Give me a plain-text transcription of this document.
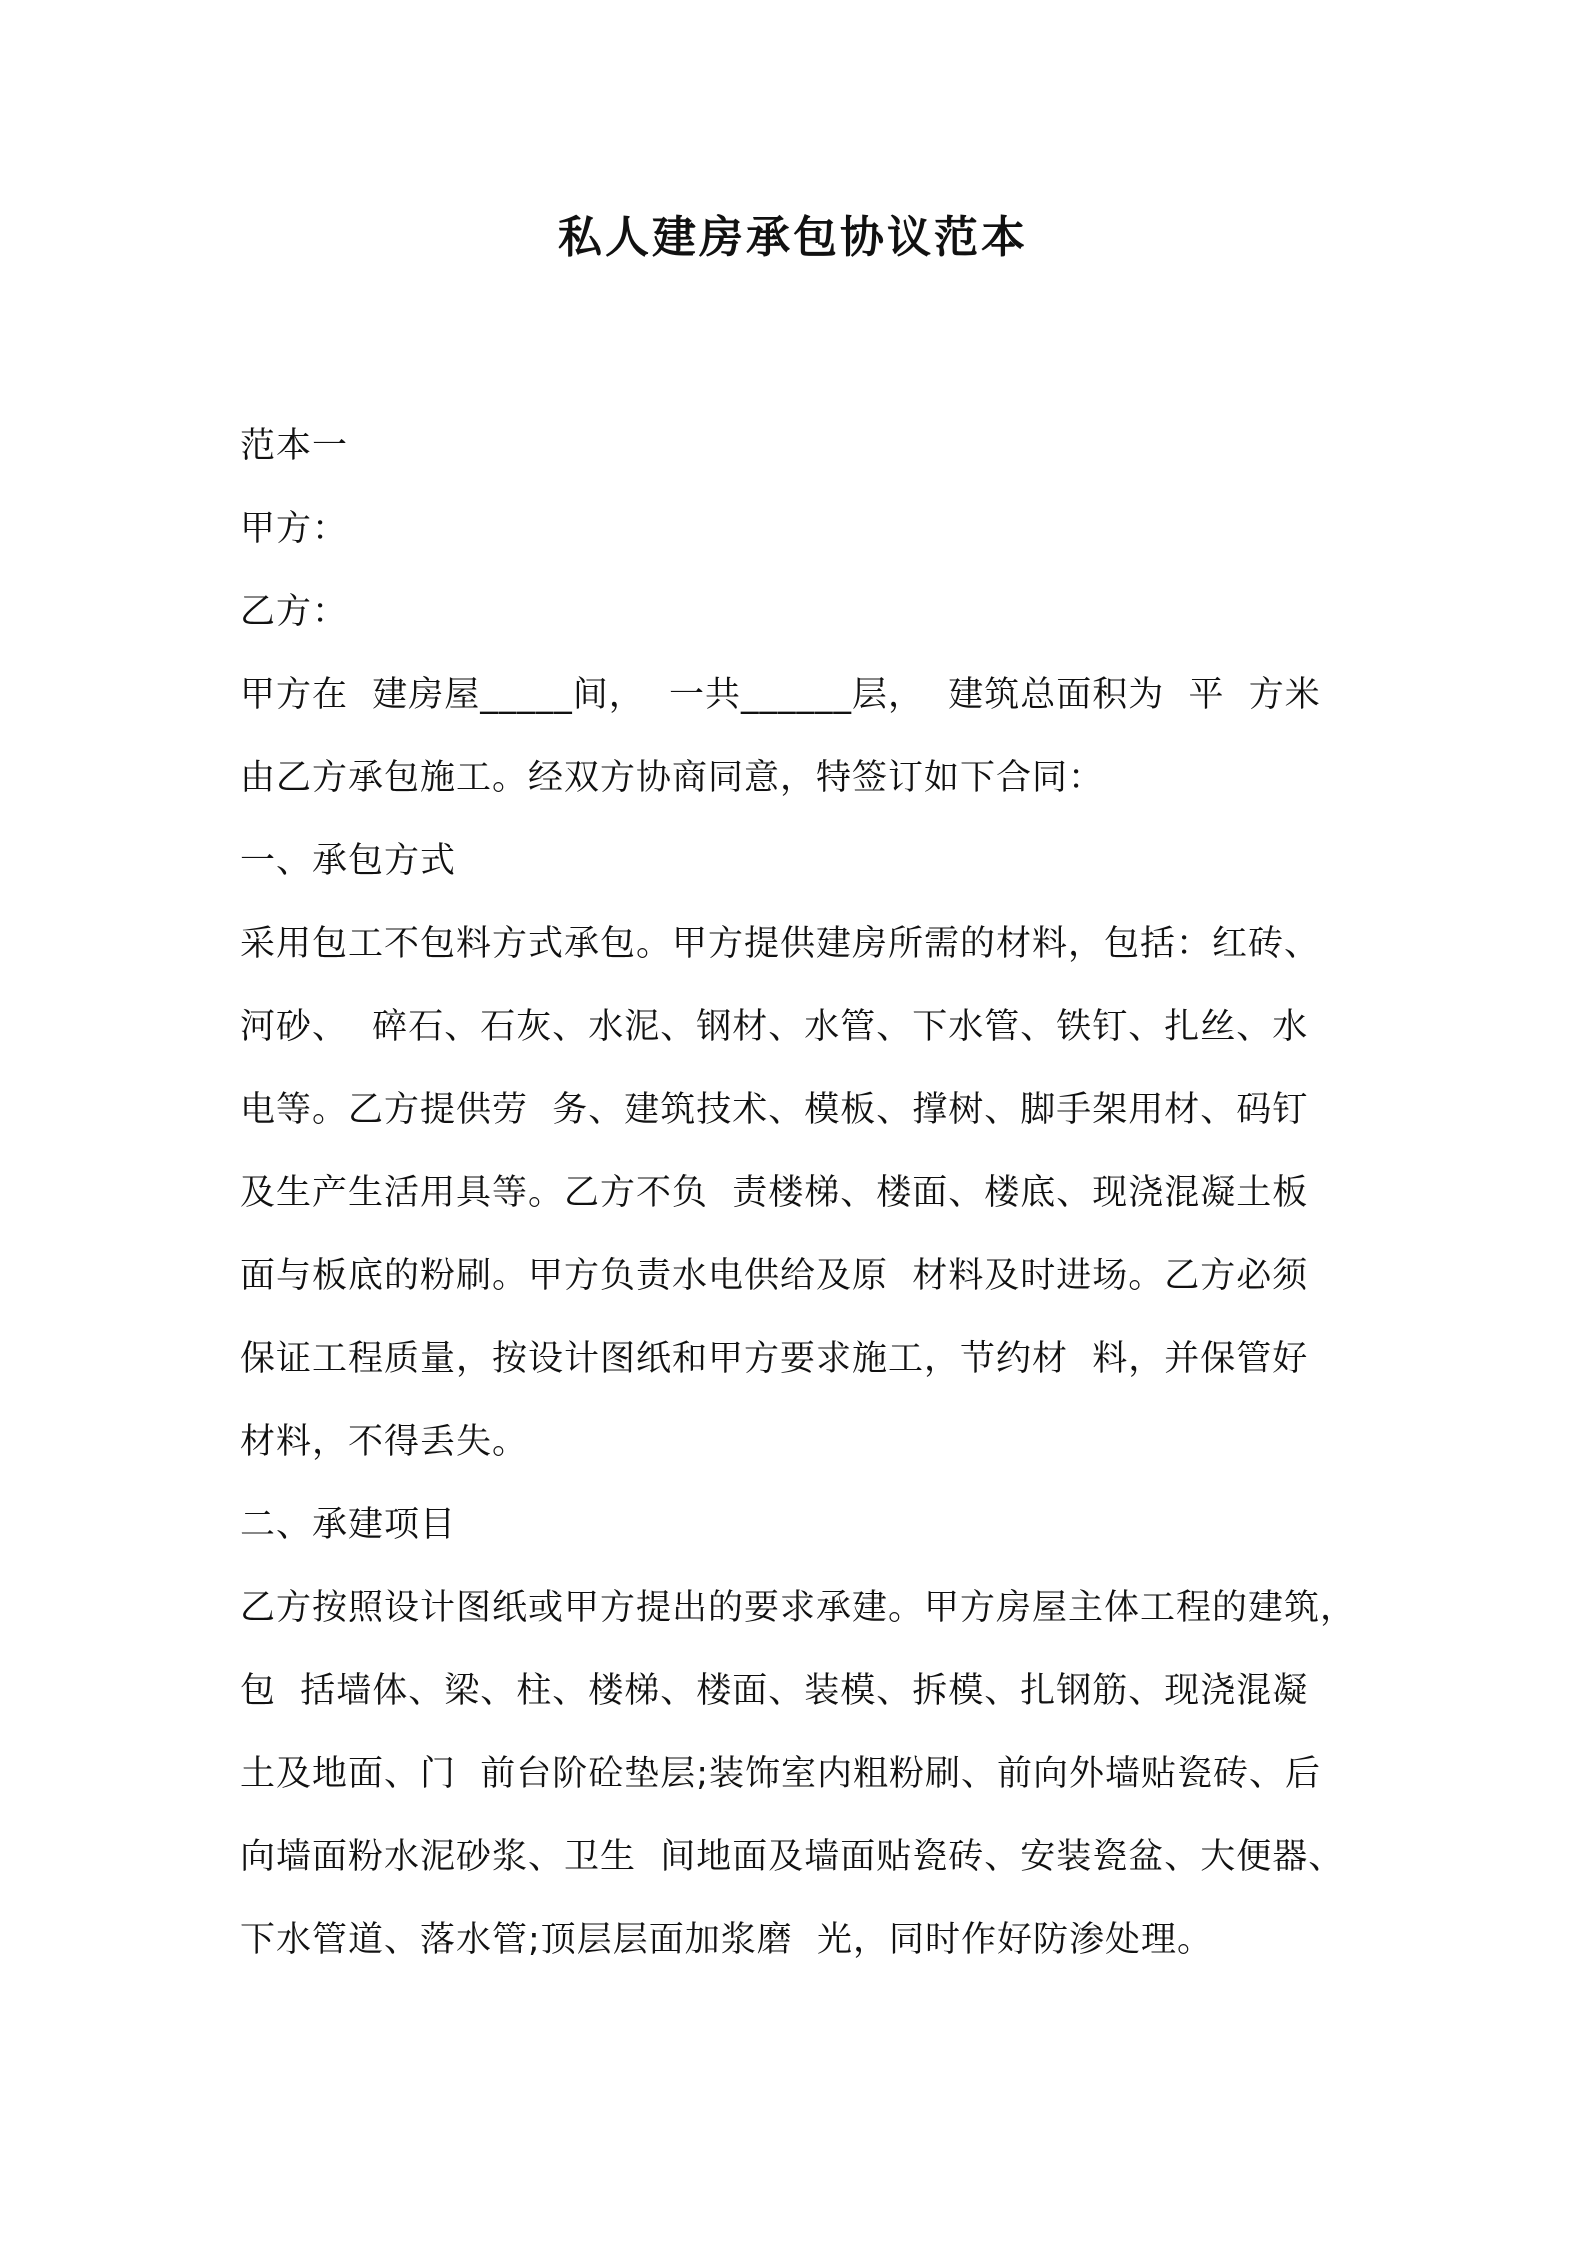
私人建房承包协议范本
范本一
甲方：
乙方：
甲方在  建房屋_____间，  一共______层，  建筑总面积为  平  方米
由乙方承包施工。经双方协商同意，特签订如下合同：
一、承包方式
采用包工不包料方式承包。甲方提供建房所需的材料，包括：红砖、
河砂、  碎石、石灰、水泥、钢材、水管、下水管、铁钉、扎丝、水
电等。乙方提供劳  务、建筑技术、模板、撑树、脚手架用材、码钉
及生产生活用具等。乙方不负  责楼梯、楼面、楼底、现浇混凝土板
面与板底的粉刷。甲方负责水电供给及原  材料及时进场。乙方必须
保证工程质量，按设计图纸和甲方要求施工，节约材  料，并保管好
材料，不得丢失。
二、承建项目
乙方按照设计图纸或甲方提出的要求承建。甲方房屋主体工程的建筑，
包  括墙体、梁、柱、楼梯、楼面、装模、拆模、扎钢筋、现浇混凝
土及地面、门  前台阶砼垫层;装饰室内粗粉刷、前向外墙贴瓷砖、后
向墙面粉水泥砂浆、卫生  间地面及墙面贴瓷砖、安装瓷盆、大便器、
下水管道、落水管;顶层层面加浆磨  光，同时作好防渗处理。
